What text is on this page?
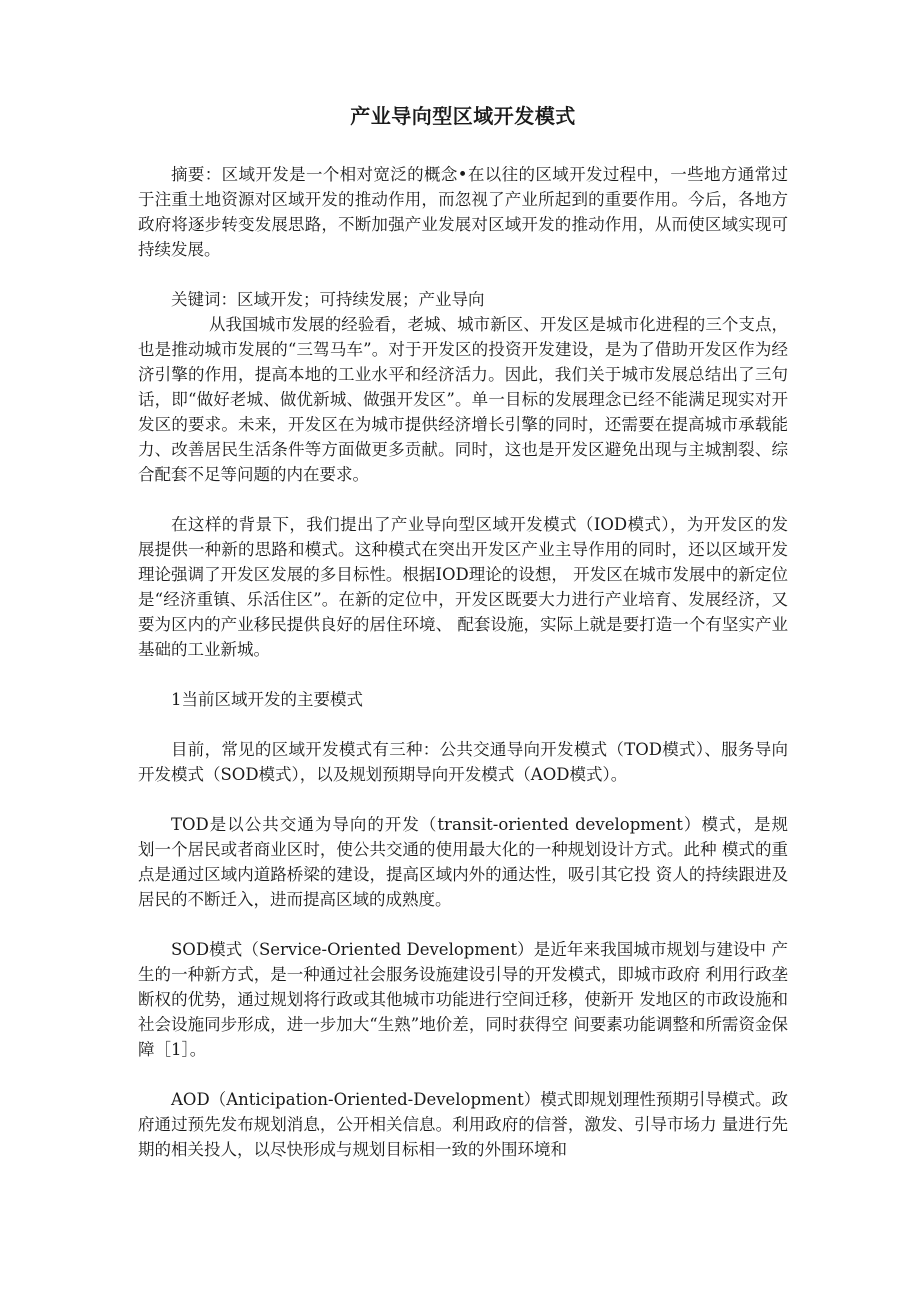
产业导向型区域开发模式

摘要：区域开发是一个相对宽泛的概念•在以往的区域开发过程中，一些地方通常过于注重土地资源对区域开发的推动作用，而忽视了产业所起到的重要作用。今后，各地方政府将逐步转变发展思路，不断加强产业发展对区域开发的推动作用，从而使区域实现可持续发展。

关键词：区域开发；可持续发展；产业导向

从我国城市发展的经验看，老城、城市新区、开发区是城市化进程的三个支点，也是推动城市发展的“三驾马车”。对于开发区的投资开发建设，是为了借助开发区作为经济引擎的作用，提高本地的工业水平和经济活力。因此，我们关于城市发展总结出了三句话，即“做好老城、做优新城、做强开发区”。单一目标的发展理念已经不能满足现实对开发区的要求。未来，开发区在为城市提供经济增长引擎的同时，还需要在提高城市承载能力、改善居民生活条件等方面做更多贡献。同时，这也是开发区避免出现与主城割裂、综合配套不足等问题的内在要求。

在这样的背景下，我们提出了产业导向型区域开发模式（IOD模式），为开发区的发展提供一种新的思路和模式。这种模式在突出开发区产业主导作用的同时，还以区域开发理论强调了开发区发展的多目标性。根据IOD理论的设想， 开发区在城市发展中的新定位是“经济重镇、乐活住区”。在新的定位中，开发区既要大力进行产业培育、发展经济，又要为区内的产业移民提供良好的居住环境、 配套设施，实际上就是要打造一个有坚实产业基础的工业新城。

1当前区域开发的主要模式

目前，常见的区域开发模式有三种：公共交通导向开发模式（TOD模式）、服务导向开发模式（SOD模式），以及规划预期导向开发模式（AOD模式）。

TOD是以公共交通为导向的开发（transit-oriented development）模式，是规 划一个居民或者商业区时，使公共交通的使用最大化的一种规划设计方式。此种 模式的重点是通过区域内道路桥梁的建设，提高区域内外的通达性，吸引其它投 资人的持续跟进及居民的不断迁入，进而提高区域的成熟度。

SOD模式（Service-Oriented Development）是近年来我国城市规划与建设中 产生的一种新方式，是一种通过社会服务设施建设引导的开发模式，即城市政府 利用行政垄断权的优势，通过规划将行政或其他城市功能进行空间迁移，使新开 发地区的市政设施和社会设施同步形成，进一步加大“生熟”地价差，同时获得空 间要素功能调整和所需资金保障［1］。

AOD（Anticipation-Oriented-Development）模式即规划理性预期引导模式。政 府通过预先发布规划消息，公开相关信息。利用政府的信誉，激发、引导市场力 量进行先期的相关投人，以尽快形成与规划目标相一致的外围环境和
